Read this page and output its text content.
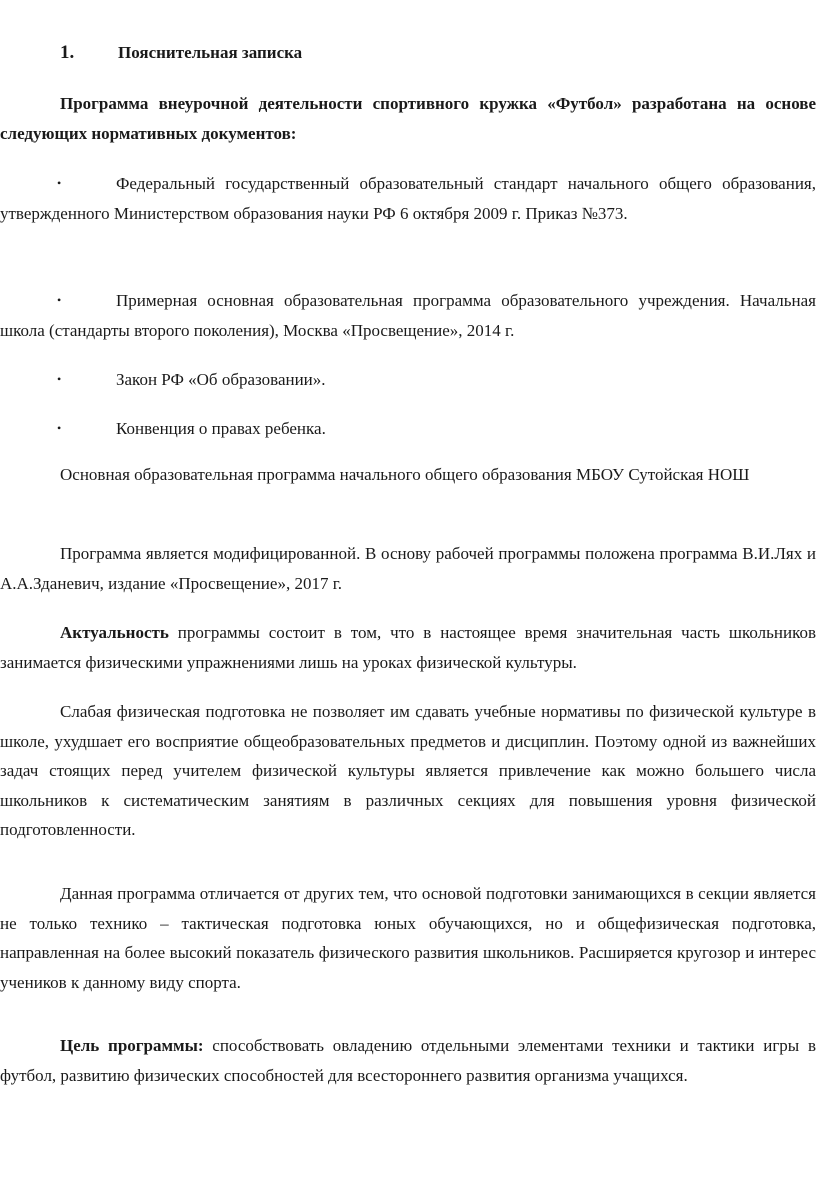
1.	Пояснительная записка

Программа внеурочной деятельности спортивного кружка «Футбол» разработана на основе следующих нормативных документов:

•	Федеральный государственный образовательный стандарт начального общего образования, утвержденного Министерством образования науки РФ 6 октября 2009 г. Приказ №373.
•	Примерная основная образовательная программа образовательного учреждения. Начальная школа (стандарты второго поколения), Москва «Просвещение», 2014 г.
•	Закон РФ «Об образовании».
•	Конвенция о правах ребенка.

Основная образовательная программа начального общего образования МБОУ Сутойская НОШ

Программа является модифицированной. В основу рабочей программы положена программа В.И.Лях и А.А.Зданевич, издание «Просвещение», 2017 г.

Актуальность программы состоит в том, что в настоящее время значительная часть школьников занимается физическими упражнениями лишь на уроках физической культуры.

Слабая физическая подготовка не позволяет им сдавать учебные нормативы по физической культуре в школе, ухудшает его восприятие общеобразовательных предметов и дисциплин. Поэтому одной из важнейших задач стоящих перед учителем физической культуры является привлечение как можно большего числа школьников к систематическим занятиям в различных секциях для повышения уровня физической подготовленности.

Данная программа отличается от других тем, что основой подготовки занимающихся в секции является не только технико – тактическая подготовка юных обучающихся, но и общефизическая подготовка, направленная на более высокий показатель физического развития школьников. Расширяется кругозор и интерес учеников к данному виду спорта.

Цель программы: способствовать овладению отдельными элементами техники и тактики игры в футбол, развитию физических способностей для всестороннего развития организма учащихся.
